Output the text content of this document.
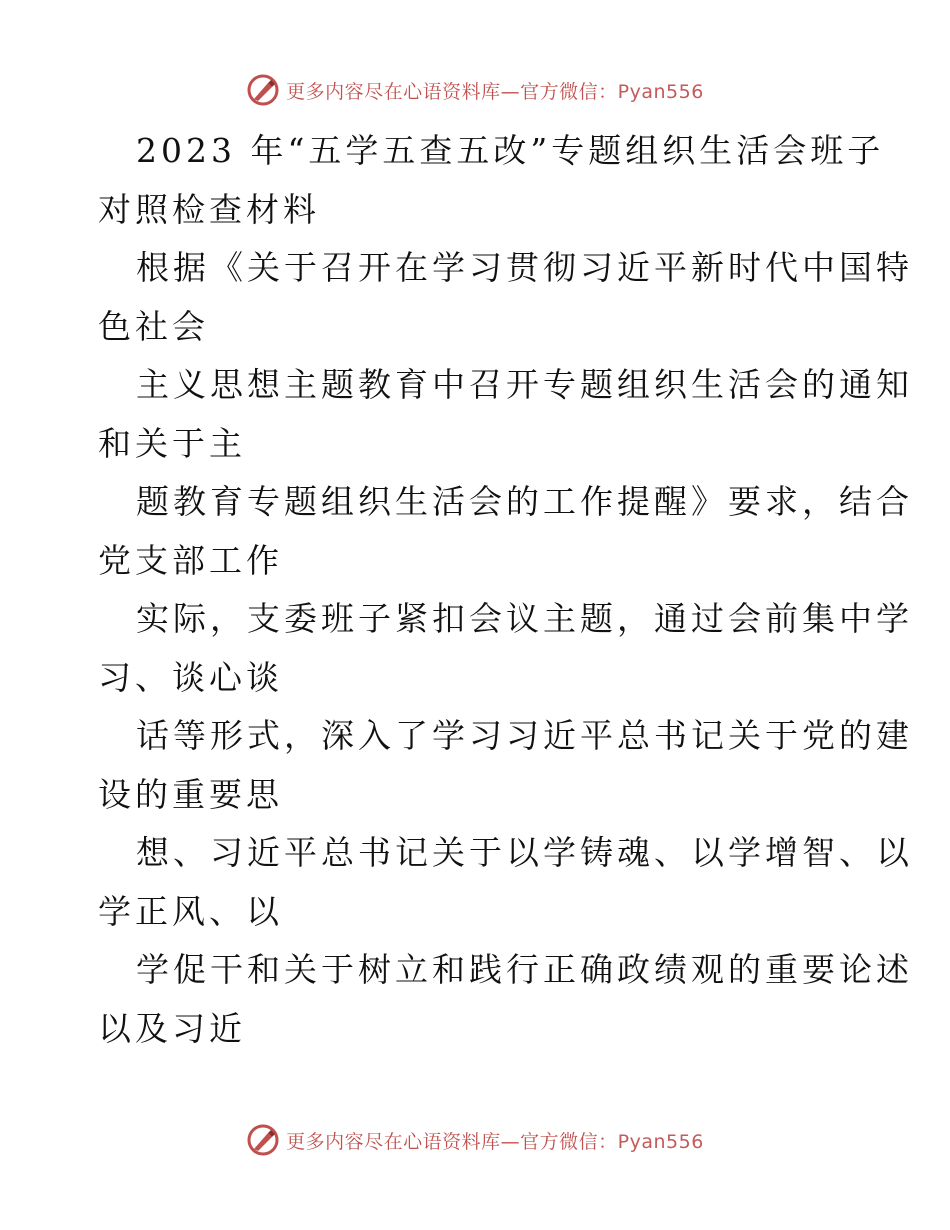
更多内容尽在心语资料库—官方微信：Pyan556
2023 年“五学五查五改”专题组织生活会班子
对照检查材料
根据《关于召开在学习贯彻习近平新时代中国特
色社会
主义思想主题教育中召开专题组织生活会的通知
和关于主
题教育专题组织生活会的工作提醒》要求，结合
党支部工作
实际，支委班子紧扣会议主题，通过会前集中学
习、谈心谈
话等形式，深入了学习习近平总书记关于党的建
设的重要思
想、习近平总书记关于以学铸魂、以学增智、以
学正风、以
学促干和关于树立和践行正确政绩观的重要论述
以及习近
更多内容尽在心语资料库—官方微信：Pyan556
